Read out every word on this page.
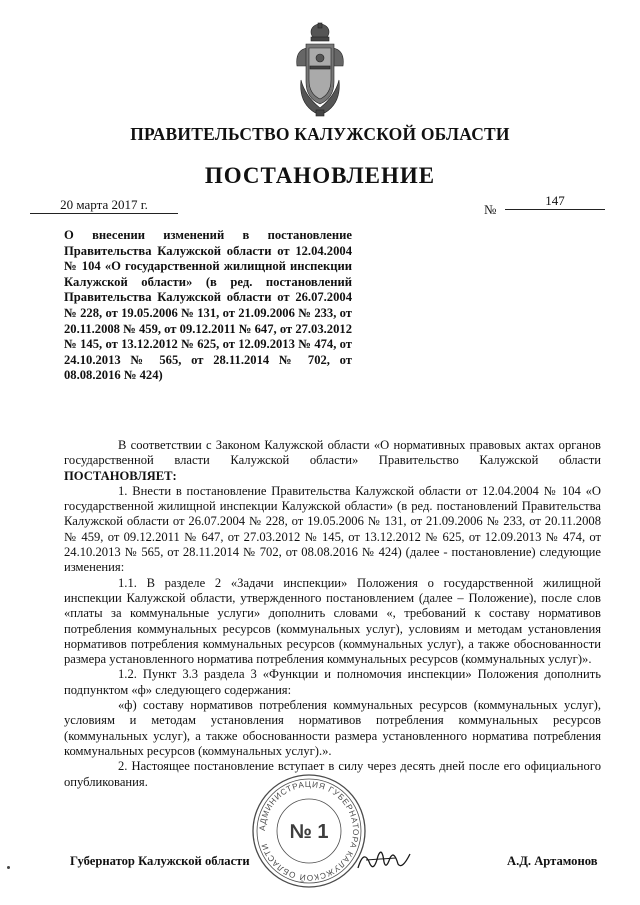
ПРАВИТЕЛЬСТВО КАЛУЖСКОЙ ОБЛАСТИ
ПОСТАНОВЛЕНИЕ
20 марта 2017 г.	№
147
О внесении изменений в постановление Правительства Калужской области от 12.04.2004 № 104 «О государственной жилищной инспекции Калужской области» (в ред. постановлений Правительства Калужской области от 26.07.2004 № 228, от 19.05.2006 № 131, от 21.09.2006 № 233, от 20.11.2008 № 459, от 09.12.2011 № 647, от 27.03.2012 № 145, от 13.12.2012 № 625, от 12.09.2013 № 474, от 24.10.2013 № 565, от 28.11.2014 № 702, от 08.08.2016 № 424)

В соответствии с Законом Калужской области «О нормативных правовых актах органов государственной власти Калужской области» Правительство Калужской области ПОСТАНОВЛЯЕТ:

1. Внести в постановление Правительства Калужской области от 12.04.2004 № 104 «О государственной жилищной инспекции Калужской области» (в ред. постановлений Правительства Калужской области от 26.07.2004 № 228, от 19.05.2006 № 131, от 21.09.2006 № 233, от 20.11.2008 № 459, от 09.12.2011 № 647, от 27.03.2012 № 145, от 13.12.2012 № 625, от 12.09.2013 № 474, от 24.10.2013 № 565, от 28.11.2014 № 702, от 08.08.2016 № 424) (далее - постановление) следующие изменения:

1.1. В разделе 2 «Задачи инспекции» Положения о государственной жилищной инспекции Калужской области, утвержденного постановлением (далее – Положение), после слов «платы за коммунальные услуги» дополнить словами «, требований к составу нормативов потребления коммунальных ресурсов (коммунальных услуг), условиям и методам установления нормативов потребления коммунальных ресурсов (коммунальных услуг), а также обоснованности размера установленного норматива потребления коммунальных ресурсов (коммунальных услуг)».

1.2. Пункт 3.3 раздела 3 «Функции и полномочия инспекции» Положения дополнить подпунктом «ф» следующего содержания:

«ф) составу нормативов потребления коммунальных ресурсов (коммунальных услуг), условиям и методам установления нормативов потребления коммунальных ресурсов (коммунальных услуг), а также обоснованности размера установленного норматива потребления коммунальных ресурсов (коммунальных услуг).».

2. Настоящее постановление вступает в силу через десять дней после его официального опубликования.

Губернатор Калужской области	А.Д. Артамонов
АДМИНИСТРАЦИЯ ГУБЕРНАТОРА КАЛУЖСКОЙ ОБЛАСТИ
№ 1
